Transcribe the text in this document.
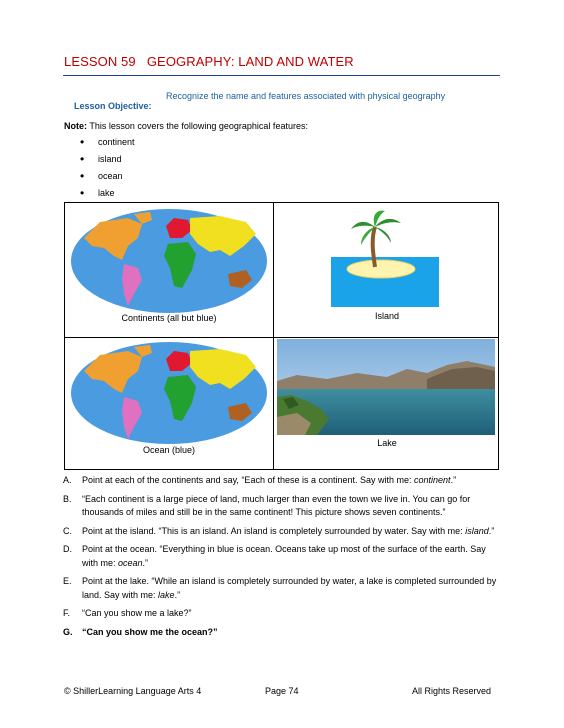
LESSON 59   GEOGRAPHY: LAND AND WATER

Lesson Objective:

Recognize the name and features associated with physical geography

Note: This lesson covers the following geographical features:
• continent
• island
• ocean
• lake
Continents (all but blue)	Island
Ocean (blue)
Lake
A. Point at each of the continents and say, “Each of these is a continent. Say with me: continent.”
B. “Each continent is a large piece of land, much larger than even the town we live in. You can go for thousands of miles and still be in the same continent! This picture shows seven continents.”
C. Point at the island. “This is an island. An island is completely surrounded by water. Say with me: island.”
D. Point at the ocean. “Everything in blue is ocean. Oceans take up most of the surface of the earth. Say with me: ocean.”
E. Point at the lake. “While an island is completely surrounded by water, a lake is completed surrounded by land. Say with me: lake.”
F. “Can you show me a lake?”
G. “Can you show me the ocean?”
© ShillerLearning Language Arts 4	Page 74	All Rights Reserved
